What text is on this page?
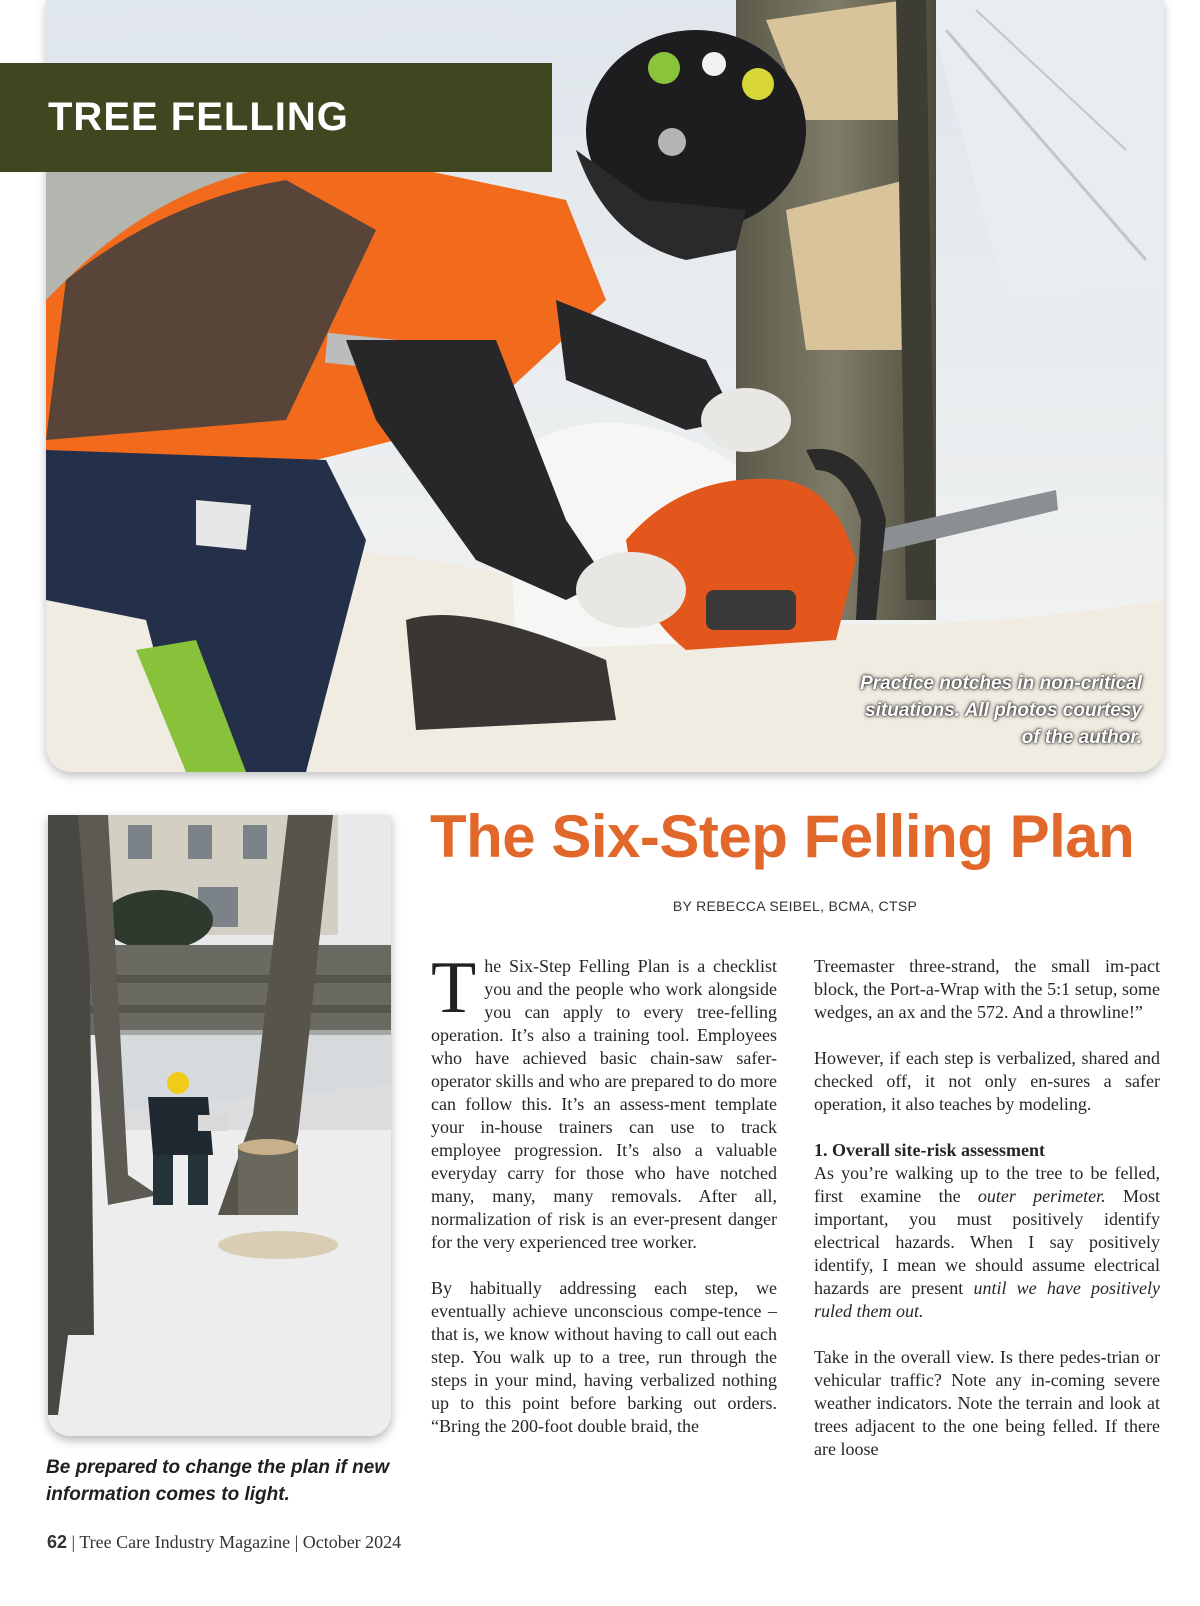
Practice notches in non-critical situations. All photos courtesy of the author.
TREE FELLING
Be prepared to change the plan if new information comes to light.
The Six-Step Felling Plan
BY REBECCA SEIBEL, BCMA, CTSP

The Six-Step Felling Plan is a checklist you and the people who work alongside you can apply to every tree-felling operation. It’s also a training tool. Employees who have achieved basic chain-saw safer-operator skills and who are prepared to do more can follow this. It’s an assess-ment template your in-house trainers can use to track employee progression. It’s also a valuable everyday carry for those who have notched many, many, many removals. After all, normalization of risk is an ever-present danger for the very experienced tree worker.

By habitually addressing each step, we eventually achieve unconscious compe-tence – that is, we know without having to call out each step. You walk up to a tree, run through the steps in your mind, having verbalized nothing up to this point before barking out orders. “Bring the 200-foot double braid, the

Treemaster three-strand, the small im-pact block, the Port-a-Wrap with the 5:1 setup, some wedges, an ax and the 572. And a throwline!”

However, if each step is verbalized, shared and checked off, it not only en-sures a safer operation, it also teaches by modeling.

1. Overall site-risk assessment

As you’re walking up to the tree to be felled, first examine the outer perimeter. Most important, you must positively identify electrical hazards. When I say positively identify, I mean we should assume electrical hazards are present until we have positively ruled them out.

Take in the overall view. Is there pedes-trian or vehicular traffic? Note any in-coming severe weather indicators. Note the terrain and look at trees adjacent to the one being felled. If there are loose

62 | Tree Care Industry Magazine | October 2024
